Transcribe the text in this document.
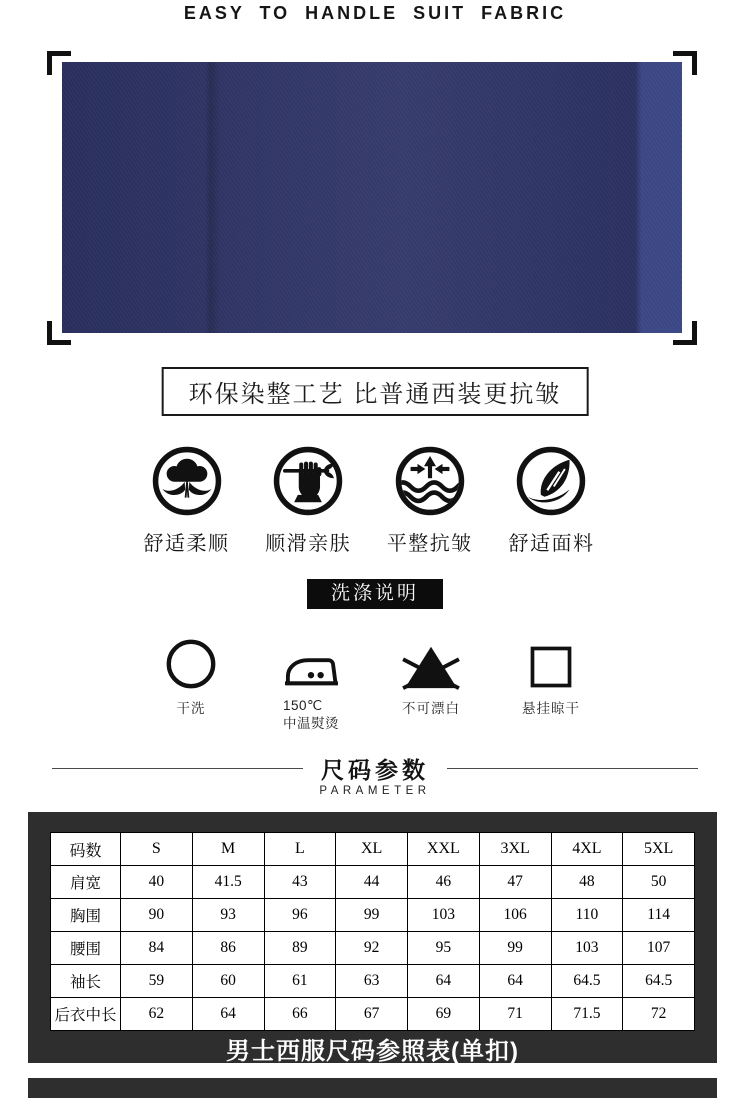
EASY TO HANDLE SUIT FABRIC
环保染整工艺 比普通西装更抗皱
舒适柔顺	顺滑亲肤	平整抗皱	舒适面料
洗涤说明
干洗	150℃
中温熨烫
不可漂白	悬挂晾干
尺码参数
PARAMETER
码数	S	M	L	XL	XXL	3XL	4XL	5XL
肩宽	40	41.5	43	44	46	47	48	50
胸围	90	93	96	99	103	106	110	114
腰围	84	86	89	92	95	99	103	107
袖长	59	60	61	63	64	64	64.5	64.5
后衣中长	62	64	66	67	69	71	71.5	72
男士西服尺码参照表(单扣)
